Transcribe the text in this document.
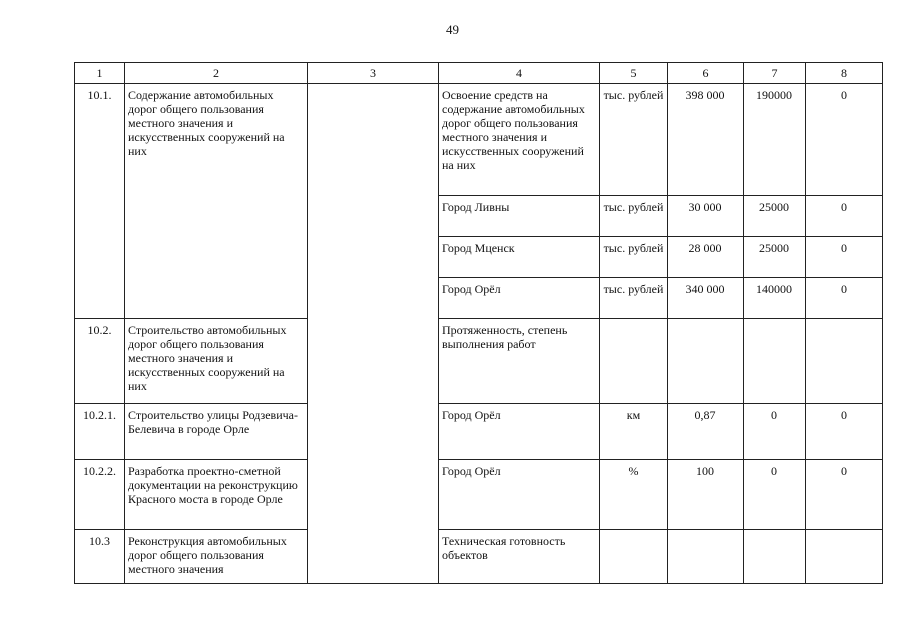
49
1	2	3	4	5	6	7	8
10.1.	Содержание автомобильных дорог общего пользования местного значения и искусственных сооружений на них		Освоение средств на содержание автомобильных дорог общего пользования местного значения и искусственных сооружений на них	тыс. рублей	398 000	190000	0
			Город Ливны	тыс. рублей	30 000	25000	0
			Город Мценск	тыс. рублей	28 000	25000	0
			Город Орёл	тыс. рублей	340 000	140000	0
10.2.	Строительство автомобильных дорог общего пользования местного значения и искусственных сооружений на них		Протяженность, степень выполнения работ				
10.2.1.	Строительство улицы Родзевича-Белевича в городе Орле		Город Орёл	км	0,87	0	0
10.2.2.	Разработка проектно-сметной документации на реконструкцию Красного моста в городе Орле		Город Орёл	%	100	0	0
10.3	Реконструкция автомобильных дорог общего пользования местного значения		Техническая готовность объектов				
